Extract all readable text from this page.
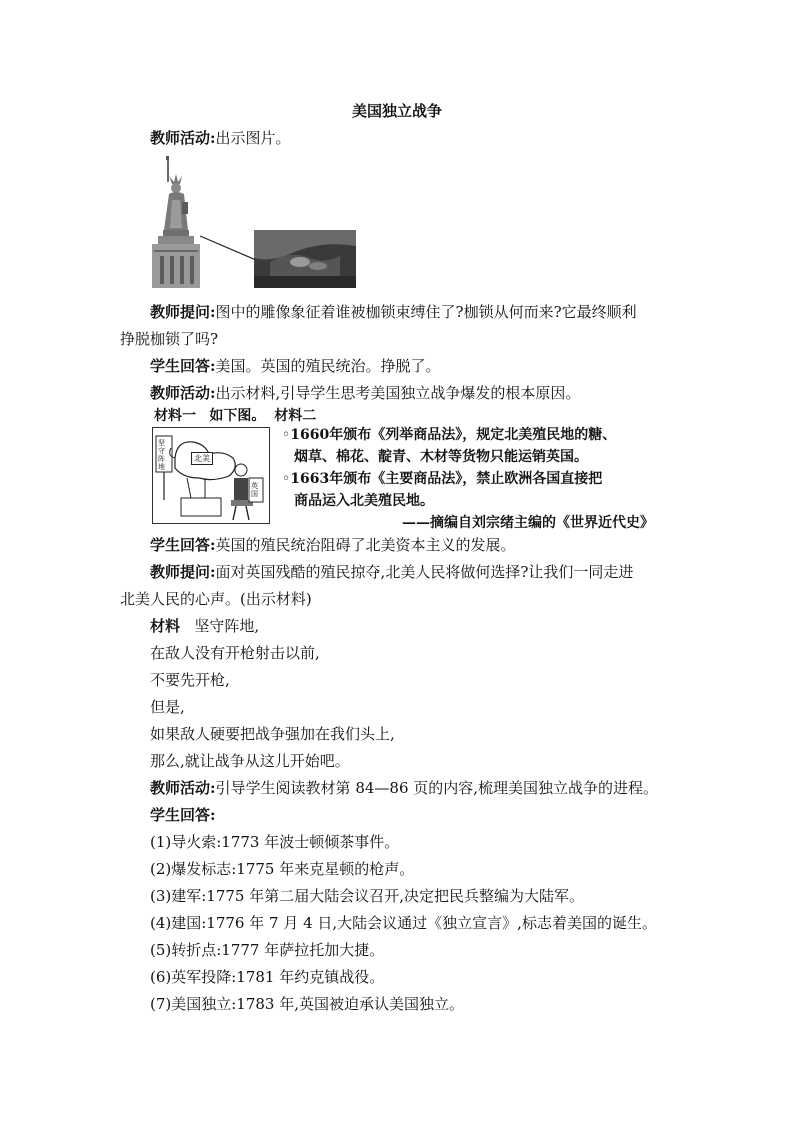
美国独立战争
教师活动:出示图片。
教师提问:图中的雕像象征着谁被枷锁束缚住了?枷锁从何而来?它最终顺利
挣脱枷锁了吗?
学生回答:美国。英国的殖民统治。挣脱了。
教师活动:出示材料,引导学生思考美国独立战争爆发的根本原因。
材料一 如下图。 材料二
坚守阵地
北美
英国
◦1660年颁布《列举商品法》，规定北美殖民地的糖、
烟草、棉花、靛青、木材等货物只能运销英国。
◦1663年颁布《主要商品法》，禁止欧洲各国直接把
商品运入北美殖民地。
——摘编自刘宗绪主编的《世界近代史》
学生回答:英国的殖民统治阻碍了北美资本主义的发展。
教师提问:面对英国残酷的殖民掠夺,北美人民将做何选择?让我们一同走进
北美人民的心声。(出示材料)
材料 坚守阵地,
在敌人没有开枪射击以前,
不要先开枪,
但是,
如果敌人硬要把战争强加在我们头上,
那么,就让战争从这儿开始吧。
教师活动:引导学生阅读教材第 84—86 页的内容,梳理美国独立战争的进程。
学生回答:
(1)导火索:1773 年波士顿倾茶事件。
(2)爆发标志:1775 年来克星顿的枪声。
(3)建军:1775 年第二届大陆会议召开,决定把民兵整编为大陆军。
(4)建国:1776 年 7 月 4 日,大陆会议通过《独立宣言》,标志着美国的诞生。
(5)转折点:1777 年萨拉托加大捷。
(6)英军投降:1781 年约克镇战役。
(7)美国独立:1783 年,英国被迫承认美国独立。
